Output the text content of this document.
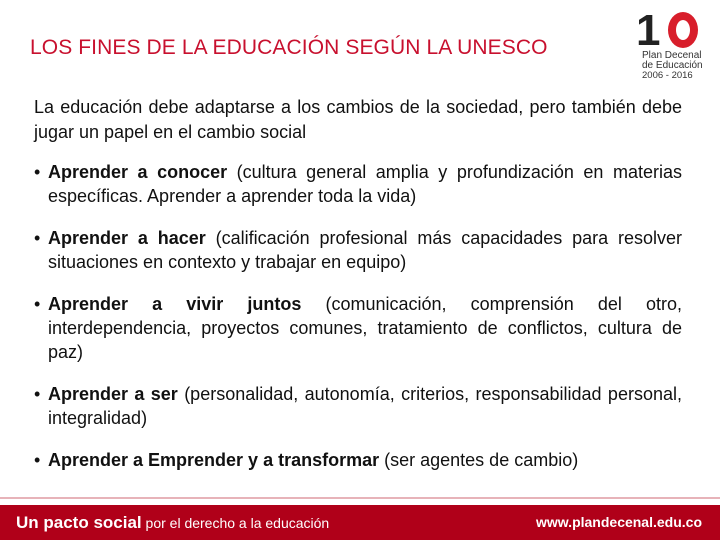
LOS FINES DE LA EDUCACIÓN SEGÚN LA UNESCO 1
Plan Decenal
de Educación
2006 - 2016
La educación debe adaptarse a los cambios de la sociedad, pero también debe jugar un papel en el cambio social
• Aprender a conocer (cultura general amplia y profundización en materias específicas. Aprender a aprender toda la vida)
• Aprender a hacer (calificación profesional más capacidades para resolver situaciones en contexto y trabajar en equipo)
• Aprender a vivir juntos (comunicación, comprensión del otro, interdependencia, proyectos comunes, tratamiento de conflictos, cultura de paz)
• Aprender a ser (personalidad, autonomía, criterios, responsabilidad personal, integralidad)
• Aprender a Emprender y a transformar (ser agentes de cambio)
Un pacto social por el derecho a la educación	www.plandecenal.edu.co
